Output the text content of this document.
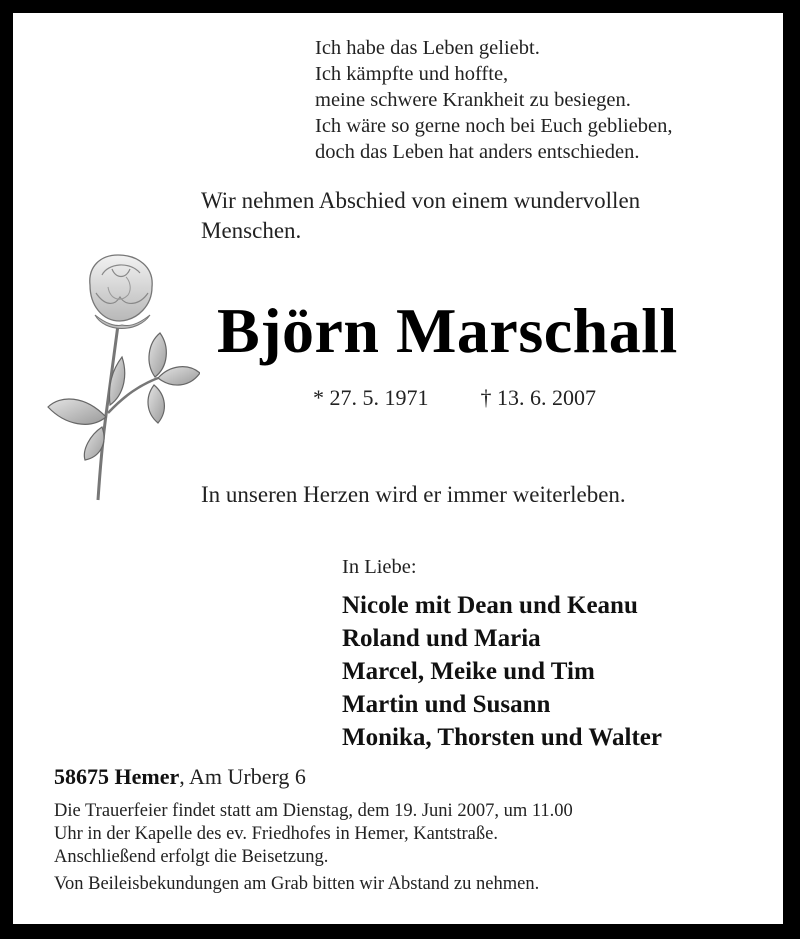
Ich habe das Leben geliebt.
Ich kämpfte und hoffte,
meine schwere Krankheit zu besiegen.
Ich wäre so gerne noch bei Euch geblieben,
doch das Leben hat anders entschieden.
Wir nehmen Abschied von einem wundervollen
Menschen.
Björn Marschall
* 27. 5. 1971 † 13. 6. 2007
In unseren Herzen wird er immer weiterleben.
In Liebe:
Nicole mit Dean und Keanu
Roland und Maria
Marcel, Meike und Tim
Martin und Susann
Monika, Thorsten und Walter
58675 Hemer, Am Urberg 6
Die Trauerfeier findet statt am Dienstag, dem 19. Juni 2007, um 11.00
Uhr in der Kapelle des ev. Friedhofes in Hemer, Kantstraße.
Anschließend erfolgt die Beisetzung.
Von Beileisbekundungen am Grab bitten wir Abstand zu nehmen.
